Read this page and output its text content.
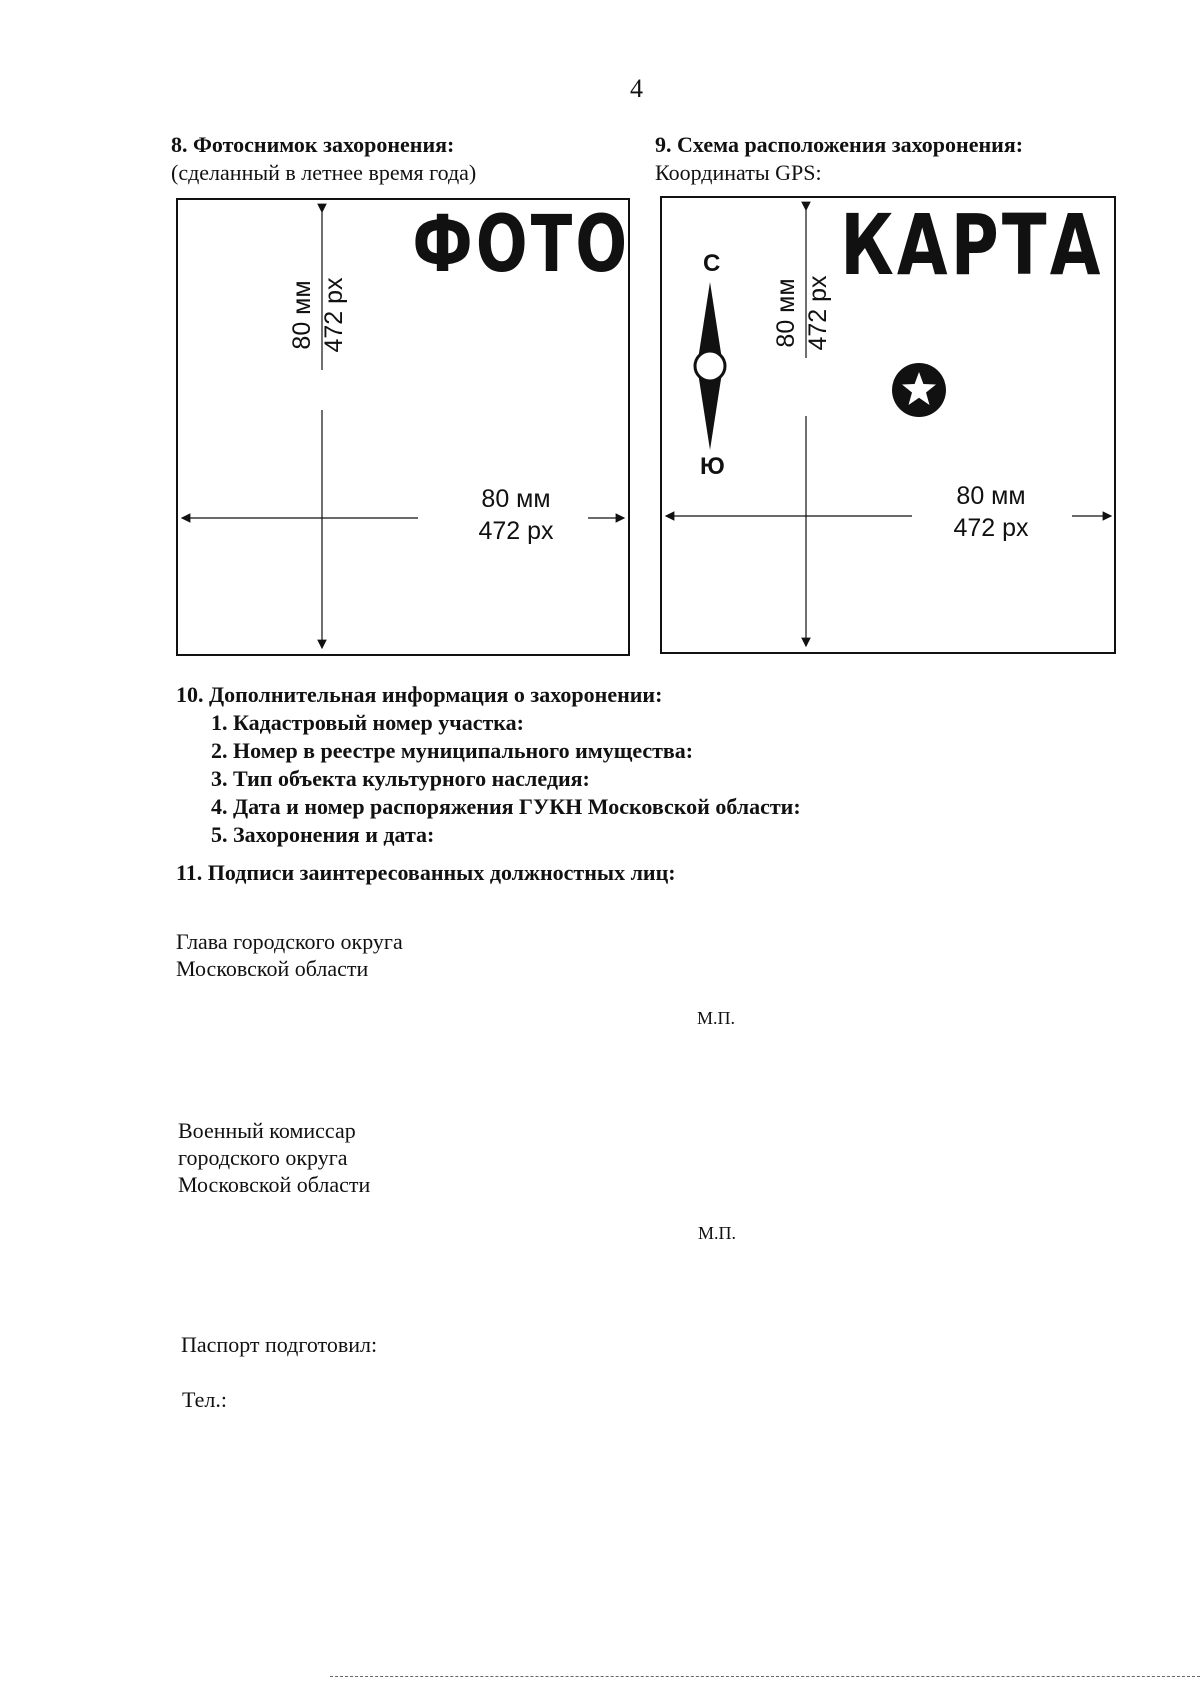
4
8. Фотоснимок захоронения:
(сделанный в летнее время года)
9. Схема расположения захоронения:
Координаты GPS:
ФОТО
80 мм 472 px
80 мм
472 px
КАРТА
С
Ю
80 мм 472 px
80 мм
472 px
10. Дополнительная информация о захоронении:
1. Кадастровый номер участка:
2. Номер в реестре муниципального имущества:
3. Тип объекта культурного наследия:
4. Дата и номер распоряжения ГУКН Московской области:
5. Захоронения и дата:
11. Подписи заинтересованных должностных лиц:
Глава городского округа
Московской области
М.П.
Военный комиссар
городского округа
Московской области
М.П.
Паспорт подготовил:
Тел.:
